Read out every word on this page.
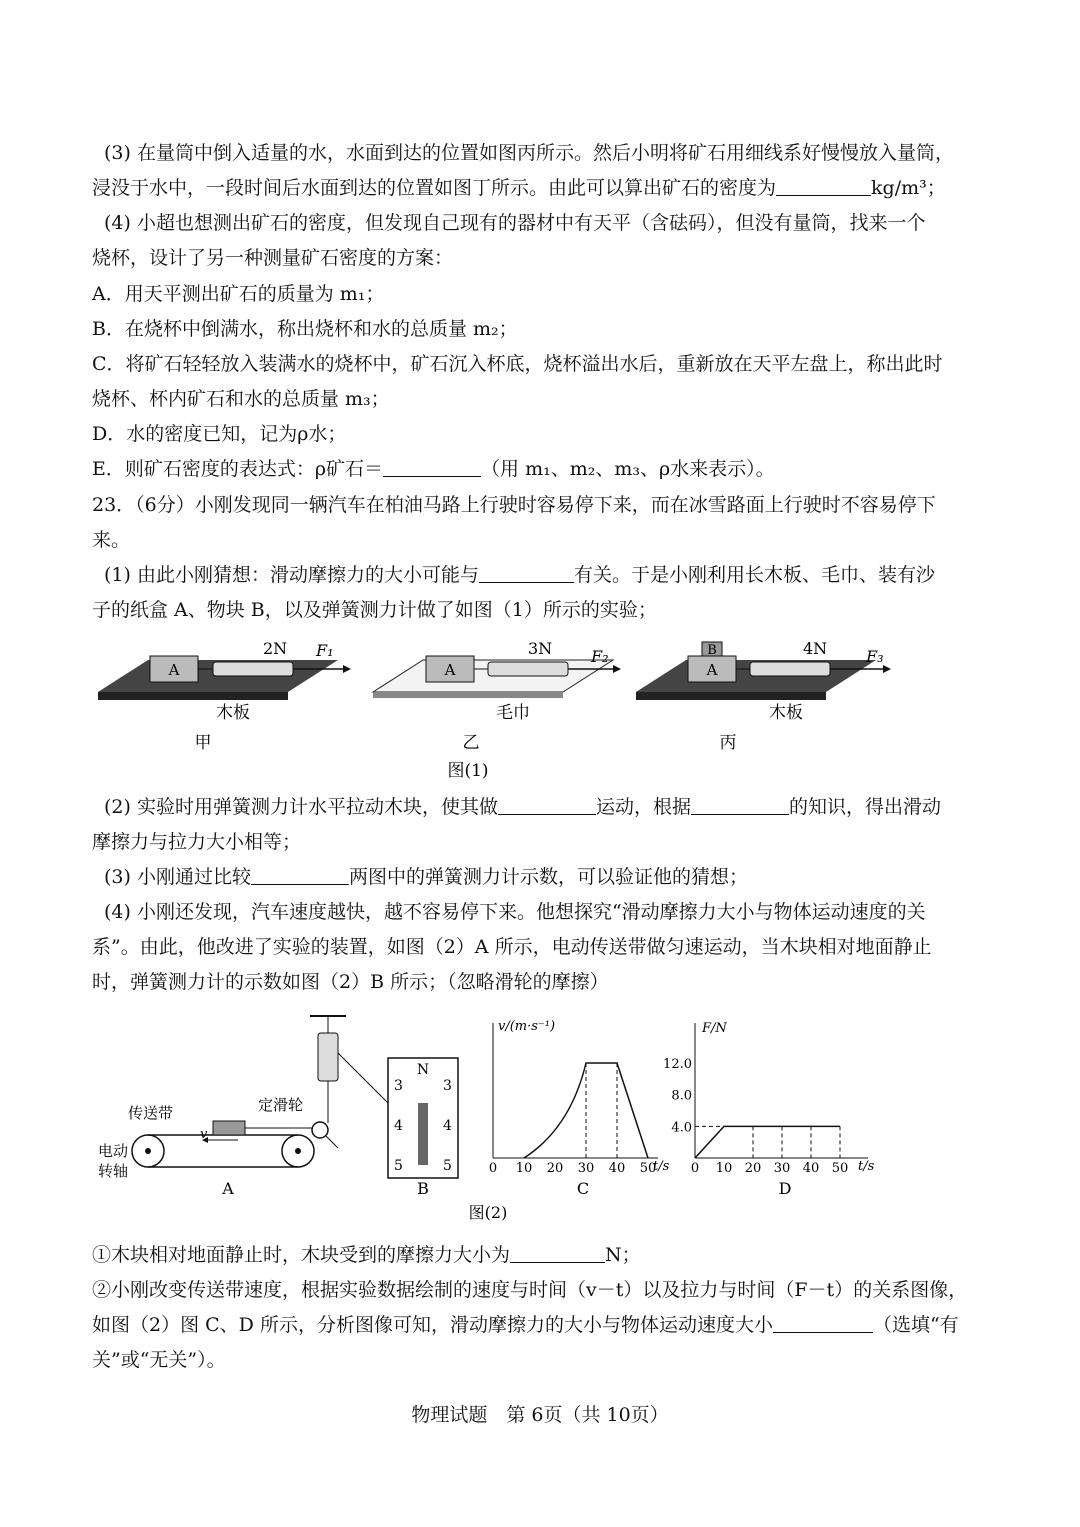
(3) 在量筒中倒入适量的水，水面到达的位置如图丙所示。然后小明将矿石用细线系好慢慢放入量筒，
浸没于水中，一段时间后水面到达的位置如图丁所示。由此可以算出矿石的密度为	kg/m³；
(4) 小超也想测出矿石的密度，但发现自己现有的器材中有天平（含砝码），但没有量筒，找来一个
烧杯，设计了另一种测量矿石密度的方案：
A．用天平测出矿石的质量为 m₁；
B．在烧杯中倒满水，称出烧杯和水的总质量 m₂；
C．将矿石轻轻放入装满水的烧杯中，矿石沉入杯底，烧杯溢出水后，重新放在天平左盘上，称出此时
烧杯、杯内矿石和水的总质量 m₃；
D．水的密度已知，记为ρ水；
E．则矿石密度的表达式：ρ矿石＝	（用 m₁、m₂、m₃、ρ水来表示）。
23．（6分）小刚发现同一辆汽车在柏油马路上行驶时容易停下来，而在冰雪路面上行驶时不容易停下
来。
(1) 由此小刚猜想：滑动摩擦力的大小可能与	有关。于是小刚利用长木板、毛巾、装有沙
子的纸盒 A、物块 B，以及弹簧测力计做了如图（1）所示的实验；
A
2N F₁
木板
甲
A
3N F₂
毛巾
乙
A
B	4N F₃
木板
丙
图(1)
(2) 实验时用弹簧测力计水平拉动木块，使其做	运动，根据	的知识，得出滑动
摩擦力与拉力大小相等；
(3) 小刚通过比较	两图中的弹簧测力计示数，可以验证他的猜想；
(4) 小刚还发现，汽车速度越快，越不容易停下来。他想探究“滑动摩擦力大小与物体运动速度的关
系”。由此，他改进了实验的装置，如图（2）A 所示，电动传送带做匀速运动，当木块相对地面静止
时，弹簧测力计的示数如图（2）B 所示；（忽略滑轮的摩擦）
v
传送带	定滑轮
电动
转轴
A
N
3	3
4	4
5	5
B
v/(m·s⁻¹)
t/s
C
0 10 20 30 40 50
F/N
t/s
D
0 10 20 30 40 50
4.0
8.0
12.0
图(2)
①木块相对地面静止时，木块受到的摩擦力大小为	N；
②小刚改变传送带速度，根据实验数据绘制的速度与时间（v－t）以及拉力与时间（F－t）的关系图像，
如图（2）图 C、D 所示，分析图像可知，滑动摩擦力的大小与物体运动速度大小	（选填“有
关”或“无关”）。
物理试题　第 6页（共 10页）
